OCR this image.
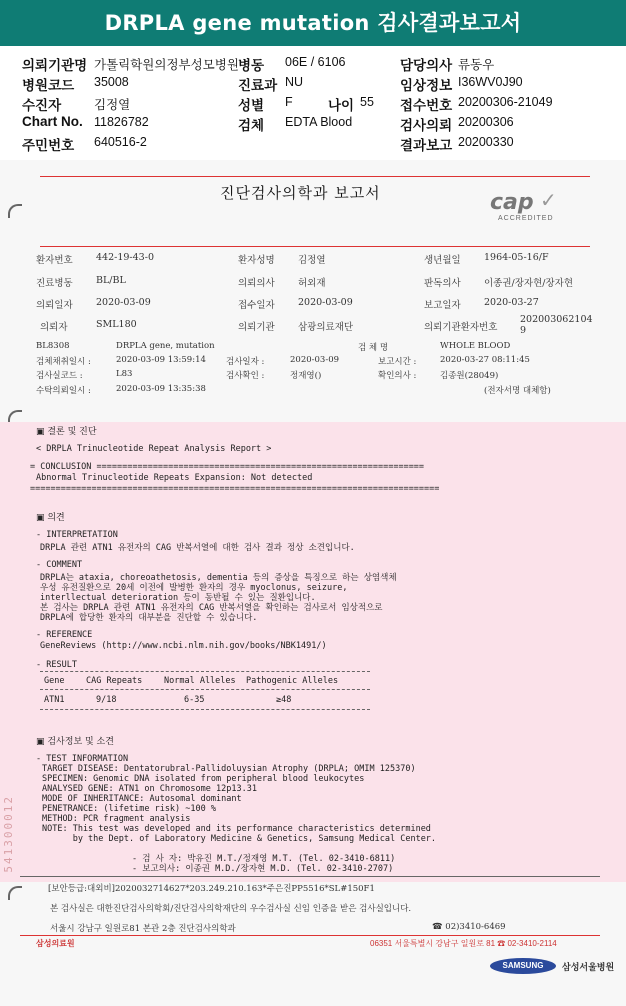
DRPLA gene mutation 검사결과보고서
의뢰기관명 가톨릭학원의정부성모병원 병동 06E / 6106	담당의사 류동우
병원코드 35008	진료과 NU	임상정보 I36WV0J90
수진자	김정열	성별 F	나이 55 접수번호 20200306-21049
Chart No. 11826782	검체 EDTA Blood	검사의뢰 20200306
주민번호 640516-2	결과보고 20200330
진단검사의학과 보고서	cap ✓
ACCREDITED
환자번호 442-19-43-0	환자성명 김정열	생년월일 1964-05-16/F
진료병동 BL/BL	의뢰의사 허외재	판독의사 이종권/장자현/장자현
의뢰일자 2020-03-09	접수일자 2020-03-09	보고일자 2020-03-27
의뢰자	SML180	의뢰기관 삼광의료재단	의뢰기관환자번호
202003062104
9
BL8308	DRPLA gene, mutation	검 체 명	WHOLE BLOOD
검체채취일시 :	2020-03-09 13:59:14 검사일자 :	2020-03-09	보고시간 :	2020-03-27 08:11:45
검사실코드 :	L83	검사확인 :	정재영()	확인의사 :	김종원(28049)
수탁의뢰일시 :	2020-03-09 13:35:38	(전자서명 대체함)
▣ 결론 및 진단
< DRPLA Trinucleotide Repeat Analysis Report >
= CONCLUSION ================================================================
Abnormal Trinucleotide Repeats Expansion: Not detected
================================================================================
▣ 의견
- INTERPRETATION
DRPLA 관련 ATN1 유전자의 CAG 반복서열에 대한 검사 결과 정상 소견입니다.
- COMMENT
DRPLA는 ataxia, choreoathetosis, dementia 등의 증상을 특징으로 하는 상염색체
우성 유전질환으로 20세 이전에 발병한 환자의 경우 myoclonus, seizure,
interllectual deterioration 등이 동반될 수 있는 질환입니다.
본 검사는 DRPLA 관련 ATN1 유전자의 CAG 반복서열을 확인하는 검사로서 임상적으로
DRPLA에 합당한 환자의 대부분을 진단할 수 있습니다.
- REFERENCE
GeneReviews (http://www.ncbi.nlm.nih.gov/books/NBK1491/)
- RESULT
Gene	CAG Repeats	Normal Alleles Pathogenic Alleles
ATN1	9/18	6-35	≥48
▣ 검사정보 및 소견
- TEST INFORMATION
TARGET DISEASE: Dentatorubral-Pallidoluysian Atrophy (DRPLA; OMIM 125370)
SPECIMEN: Genomic DNA isolated from peripheral blood leukocytes
ANALYSED GENE: ATN1 on Chromosome 12p13.31
MODE OF INHERITANCE: Autosomal dominant
PENETRANCE: (lifetime risk) ~100 %
METHOD: PCR fragment analysis
NOTE: This test was developed and its performance characteristics determined
by the Dept. of Laboratory Medicine & Genetics, Samsung Medical Center.
- 검 사 자: 박유진 M.T./정재영 M.T. (Tel. 02-3410-6811)
- 보고의사: 이종권 M.D./장자현 M.D. (Tel. 02-3410-2707)
541300012
[보안등급:대외비]2020032714627*203.249.210.163*주은진PP5516*SL#150F1
본 검사실은 대한진단검사의학회/진단검사의학재단의 우수검사실 신임 인증을 받은 검사실입니다.
서울시 강남구 일원로81 본관 2층 진단검사의학과	☎ 02)3410-6469
삼성의료원	06351 서울특별시 강남구 일원로 81 ☎ 02-3410-2114
SAMSUNG	삼성서울병원
